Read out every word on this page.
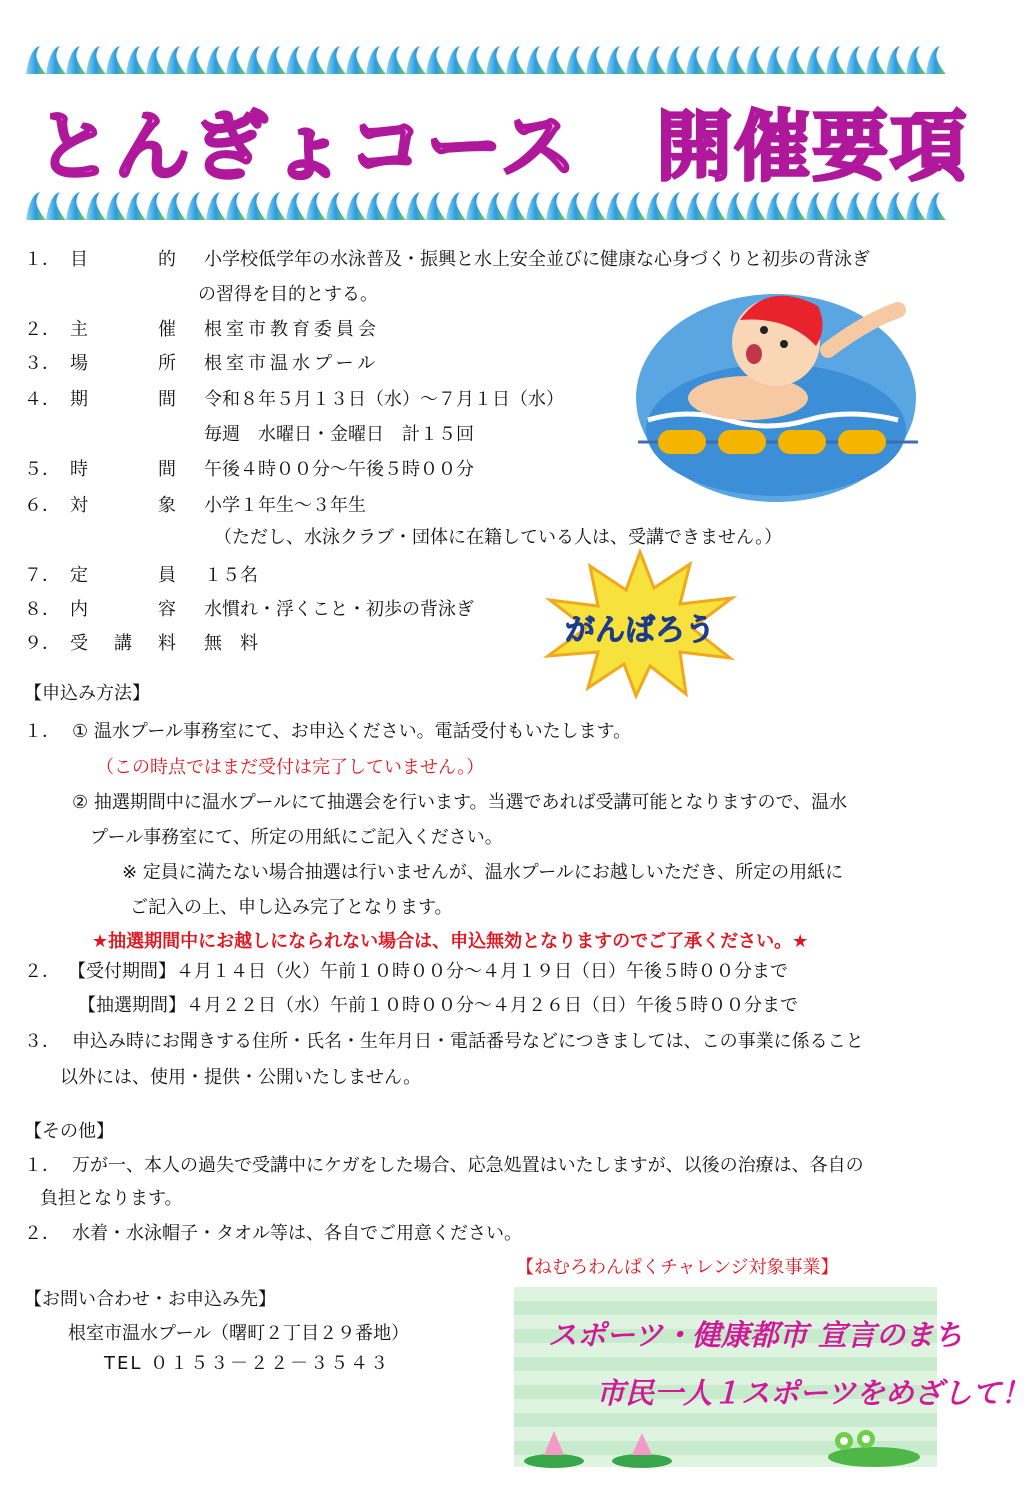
とんぎょコース　開催要項
１． 目	的 小学校低学年の水泳普及・振興と水上安全並びに健康な心身づくりと初歩の背泳ぎ
の習得を目的とする。
２． 主	催 根室市教育委員会
３． 場	所 根室市温水プール
４． 期	間 令和８年５月１３日（水）～７月１日（水）
毎週　水曜日・金曜日　計１５回
５． 時	間 午後４時００分～午後５時００分
６． 対	象 小学１年生～３年生
（ただし、水泳クラブ・団体に在籍している人は、受講できません。）
７． 定	員 １５名
８． 内	容 水慣れ・浮くこと・初歩の背泳ぎ
９． 受 講 料 無　料	がんばろう
【申込み方法】
１． ① 温水プール事務室にて、お申込ください。電話受付もいたします。
（この時点ではまだ受付は完了していません。）
② 抽選期間中に温水プールにて抽選会を行います。当選であれば受講可能となりますので、温水
プール事務室にて、所定の用紙にご記入ください。
※ 定員に満たない場合抽選は行いませんが、温水プールにお越しいただき、所定の用紙に
ご記入の上、申し込み完了となります。
★抽選期間中にお越しになられない場合は、申込無効となりますのでご了承ください。★
２． 【受付期間】４月１４日（火）午前１０時００分～４月１９日（日）午後５時００分まで
【抽選期間】４月２２日（水）午前１０時００分～４月２６日（日）午後５時００分まで
３． 申込み時にお聞きする住所・氏名・生年月日・電話番号などにつきましては、この事業に係ること
以外には、使用・提供・公開いたしません。
【その他】
１． 万が一、本人の過失で受講中にケガをした場合、応急処置はいたしますが、以後の治療は、各自の
負担となります。
２． 水着・水泳帽子・タオル等は、各自でご用意ください。
【お問い合わせ・お申込み先】
根室市温水プール（曙町２丁目２９番地）
TEL ０１５３－２２－３５４３
【ねむろわんぱくチャレンジ対象事業】
スポーツ・健康都市 宣言のまち
市民一人１スポーツをめざして！
